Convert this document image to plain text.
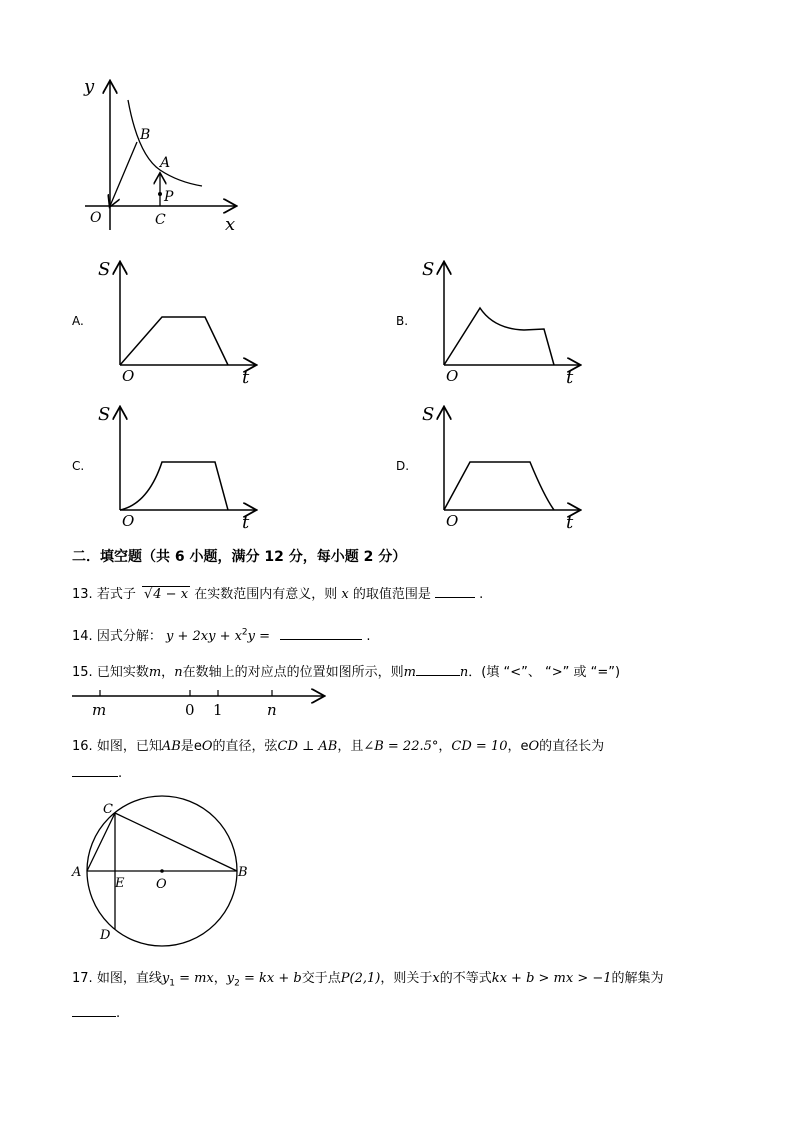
y
x
O
B
A
P
C
A.
S
t
O
B.
S
t
O
C.
S
t
O
D.
S
t
O
二．填空题（共 6 小题，满分 12 分，每小题 2 分）
13. 若式子 √4 − x 在实数范围内有意义，则 x 的取值范围是	.
14. 因式分解： $y + 2xy + x^2y$ =	.
15. 已知实数m，n在数轴上的对应点的位置如图所示，则m	n．(填 “<”、 “>” 或 “=”)
m	0 1	n
16. 如图，已知AB是eO的直径，弦CD ⊥ AB，且∠B = 22.5°，CD = 10，eO的直径长为
.
C
A
E O
B
D
17. 如图，直线$y_1$ = mx，$y_2$ = kx + b交于点P(2,1)，则关于x的不等式kx + b > mx > −1的解集为
.
